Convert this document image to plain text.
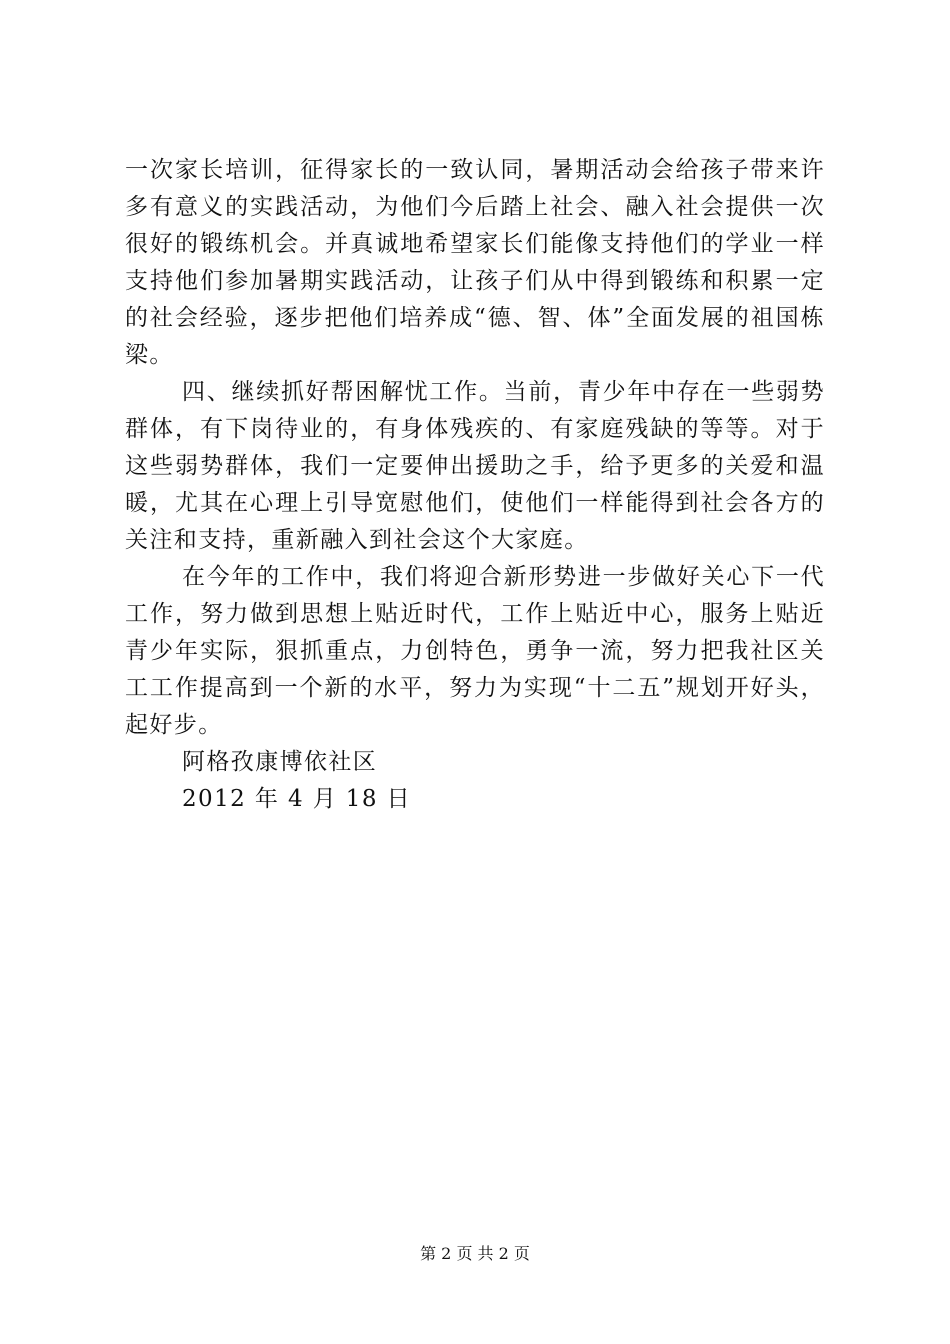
一次家长培训，征得家长的一致认同，暑期活动会给孩子带来许多有意义的实践活动，为他们今后踏上社会、融入社会提供一次很好的锻练机会。并真诚地希望家长们能像支持他们的学业一样支持他们参加暑期实践活动，让孩子们从中得到锻练和积累一定的社会经验，逐步把他们培养成“德、智、体”全面发展的祖国栋梁。

四、继续抓好帮困解忧工作。当前，青少年中存在一些弱势群体，有下岗待业的，有身体残疾的、有家庭残缺的等等。对于这些弱势群体，我们一定要伸出援助之手，给予更多的关爱和温暖，尤其在心理上引导宽慰他们，使他们一样能得到社会各方的关注和支持，重新融入到社会这个大家庭。

在今年的工作中，我们将迎合新形势进一步做好关心下一代工作，努力做到思想上贴近时代，工作上贴近中心，服务上贴近青少年实际，狠抓重点，力创特色，勇争一流，努力把我社区关工工作提高到一个新的水平，努力为实现“十二五”规划开好头，起好步。

阿格孜康博依社区

2012 年 4 月 18 日

第 2 页 共 2 页
